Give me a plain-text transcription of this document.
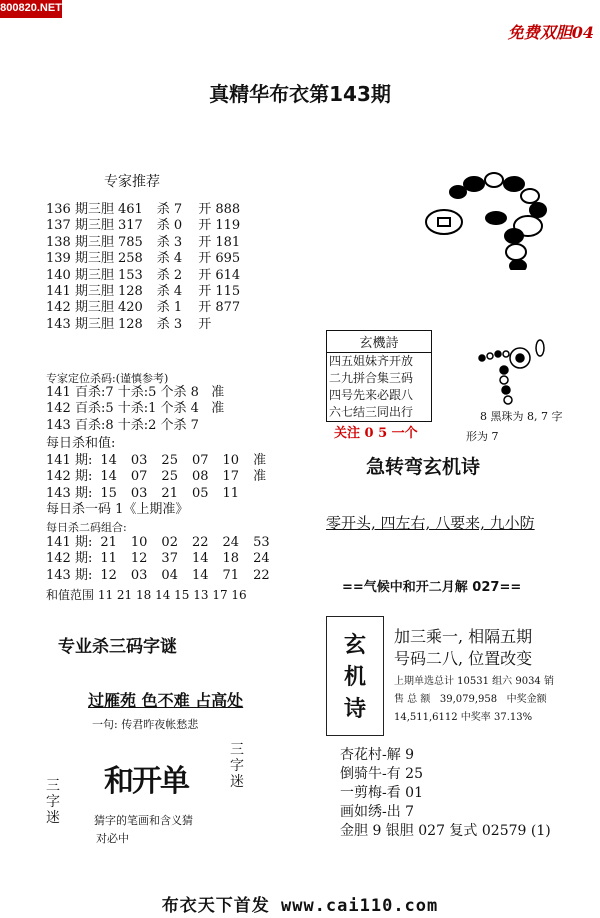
800820.NET
免费双胆04
真精华布衣第143期
专家推荐
136 期三胆	461	杀 7	开 888
137 期三胆	317	杀 0	开 119
138 期三胆	785	杀 3	开 181
139 期三胆	258	杀 4	开 695
140 期三胆	153	杀 2	开 614
141 期三胆	128	杀 4	开 115
142 期三胆	420	杀 1	开 877
143 期三胆	128	杀 3	开
专家定位杀码:(谨慎参考)
141 百杀:7 十杀:5 个杀 8   准
142 百杀:5 十杀:1 个杀 4   准
143 百杀:8 十杀:2 个杀 7
每日杀和值:
141 期:	14	03	25	07	10	准
142 期:	14	07	25	08	17	准
143 期:	15	03	21	05	11	
每日杀一码 1《上期准》
每日杀二码组合:
141 期:	21	10	02	22	24	53
142 期:	11	12	37	14	18	24
143 期:	12	03	04	14	71	22
和值范围 11 21 18 14 15 13 17 16
专业杀三码字谜
过雁苑 色不难 占高处
一句: 传君昨夜帐愁悲
和开单
三字迷
三字迷	猜字的笔画和含义猜
对必中
玄機詩
四五姐妹齐开放
二九拼合集三码
四号先来必跟八
六七结三同出行
关注 0 5 一个
8 黑珠为 8, 7 字
形为 7
急转弯玄机诗
零开头, 四左右, 八要来, 九小防
==气候中和开二月解 027==
玄
机
诗
加三乘一, 相隔五期
号码二八, 位置改变
上期单选总计 10531 组六 9034 销
售 总 额   39,079,958   中奖金额
14,511,6112 中奖率 37.13%
杏花村-解 9
倒骑牛-有 25
一剪梅-看 01
画如绣-出 7
金胆 9 银胆 027 复式 02579 (1)
布衣天下首发 www.cai110.com
